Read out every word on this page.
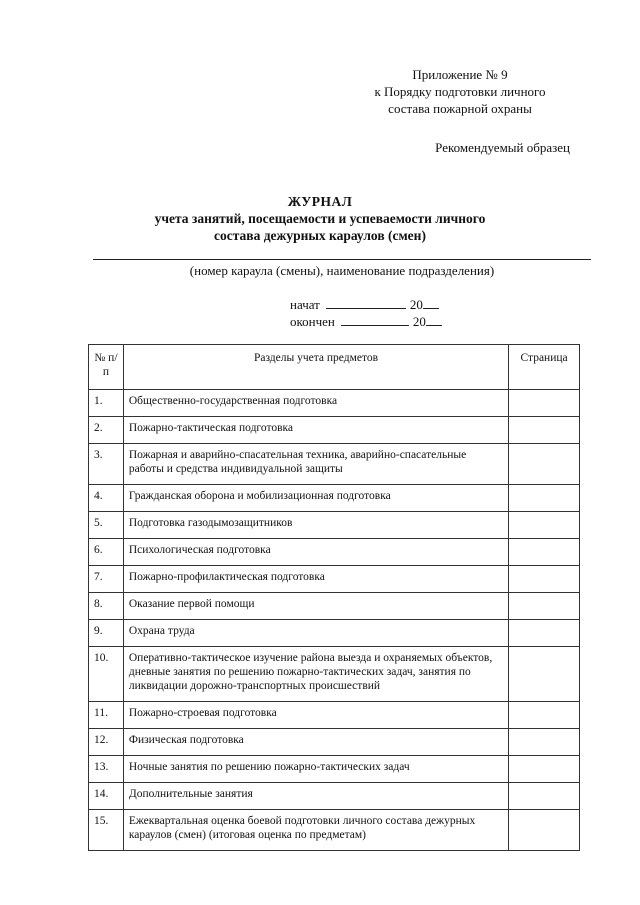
Приложение № 9
к Порядку подготовки личного
состава пожарной охраны
Рекомендуемый образец
ЖУРНАЛ
учета занятий, посещаемости и успеваемости личного
состава дежурных караулов (смен)
(номер караула (смены), наименование подразделения)
начат	20
окончен	20
№ п/п	Разделы учета предметов	Страница
1.	Общественно-государственная подготовка	
2.	Пожарно-тактическая подготовка	
3.	Пожарная и аварийно-спасательная техника, аварийно-спасательные работы и средства индивидуальной защиты	
4.	Гражданская оборона и мобилизационная подготовка	
5.	Подготовка газодымозащитников	
6.	Психологическая подготовка	
7.	Пожарно-профилактическая подготовка	
8.	Оказание первой помощи	
9.	Охрана труда	
10.	Оперативно-тактическое изучение района выезда и охраняемых объектов, дневные занятия по решению пожарно-тактических задач, занятия по ликвидации дорожно-транспортных происшествий	
11.	Пожарно-строевая подготовка	
12.	Физическая подготовка	
13.	Ночные занятия по решению пожарно-тактических задач	
14.	Дополнительные занятия	
15.	Ежеквартальная оценка боевой подготовки личного состава дежурных караулов (смен) (итоговая оценка по предметам)	
